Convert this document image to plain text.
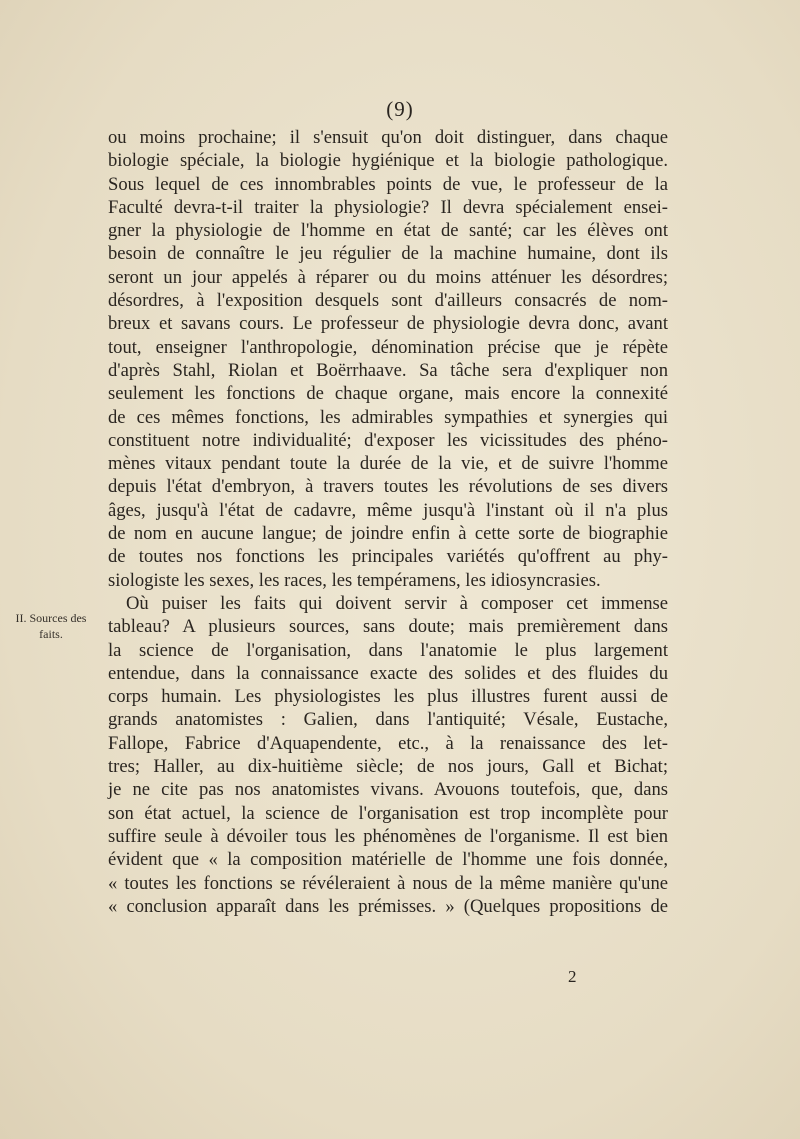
(9)
II. Sources des
faits.
ou moins prochaine; il s'ensuit qu'on doit distinguer, dans chaque
biologie spéciale, la biologie hygiénique et la biologie pathologique.
Sous lequel de ces innombrables points de vue, le professeur de la
Faculté devra-t-il traiter la physiologie? Il devra spécialement ensei-
gner la physiologie de l'homme en état de santé; car les élèves ont
besoin de connaître le jeu régulier de la machine humaine, dont ils
seront un jour appelés à réparer ou du moins atténuer les désordres;
désordres, à l'exposition desquels sont d'ailleurs consacrés de nom-
breux et savans cours. Le professeur de physiologie devra donc, avant
tout, enseigner l'anthropologie, dénomination précise que je répète
d'après Stahl, Riolan et Boërrhaave. Sa tâche sera d'expliquer non
seulement les fonctions de chaque organe, mais encore la connexité
de ces mêmes fonctions, les admirables sympathies et synergies qui
constituent notre individualité; d'exposer les vicissitudes des phéno-
mènes vitaux pendant toute la durée de la vie, et de suivre l'homme
depuis l'état d'embryon, à travers toutes les révolutions de ses divers
âges, jusqu'à l'état de cadavre, même jusqu'à l'instant où il n'a plus
de nom en aucune langue; de joindre enfin à cette sorte de biographie
de toutes nos fonctions les principales variétés qu'offrent au phy-
siologiste les sexes, les races, les tempéramens, les idiosyncrasies.
Où puiser les faits qui doivent servir à composer cet immense
tableau? A plusieurs sources, sans doute; mais premièrement dans
la science de l'organisation, dans l'anatomie le plus largement
entendue, dans la connaissance exacte des solides et des fluides du
corps humain. Les physiologistes les plus illustres furent aussi de
grands anatomistes : Galien, dans l'antiquité; Vésale, Eustache,
Fallope, Fabrice d'Aquapendente, etc., à la renaissance des let-
tres; Haller, au dix-huitième siècle; de nos jours, Gall et Bichat;
je ne cite pas nos anatomistes vivans. Avouons toutefois, que, dans
son état actuel, la science de l'organisation est trop incomplète pour
suffire seule à dévoiler tous les phénomènes de l'organisme. Il est bien
évident que « la composition matérielle de l'homme une fois donnée,
« toutes les fonctions se révéleraient à nous de la même manière qu'une
« conclusion apparaît dans les prémisses. » (Quelques propositions de
2
